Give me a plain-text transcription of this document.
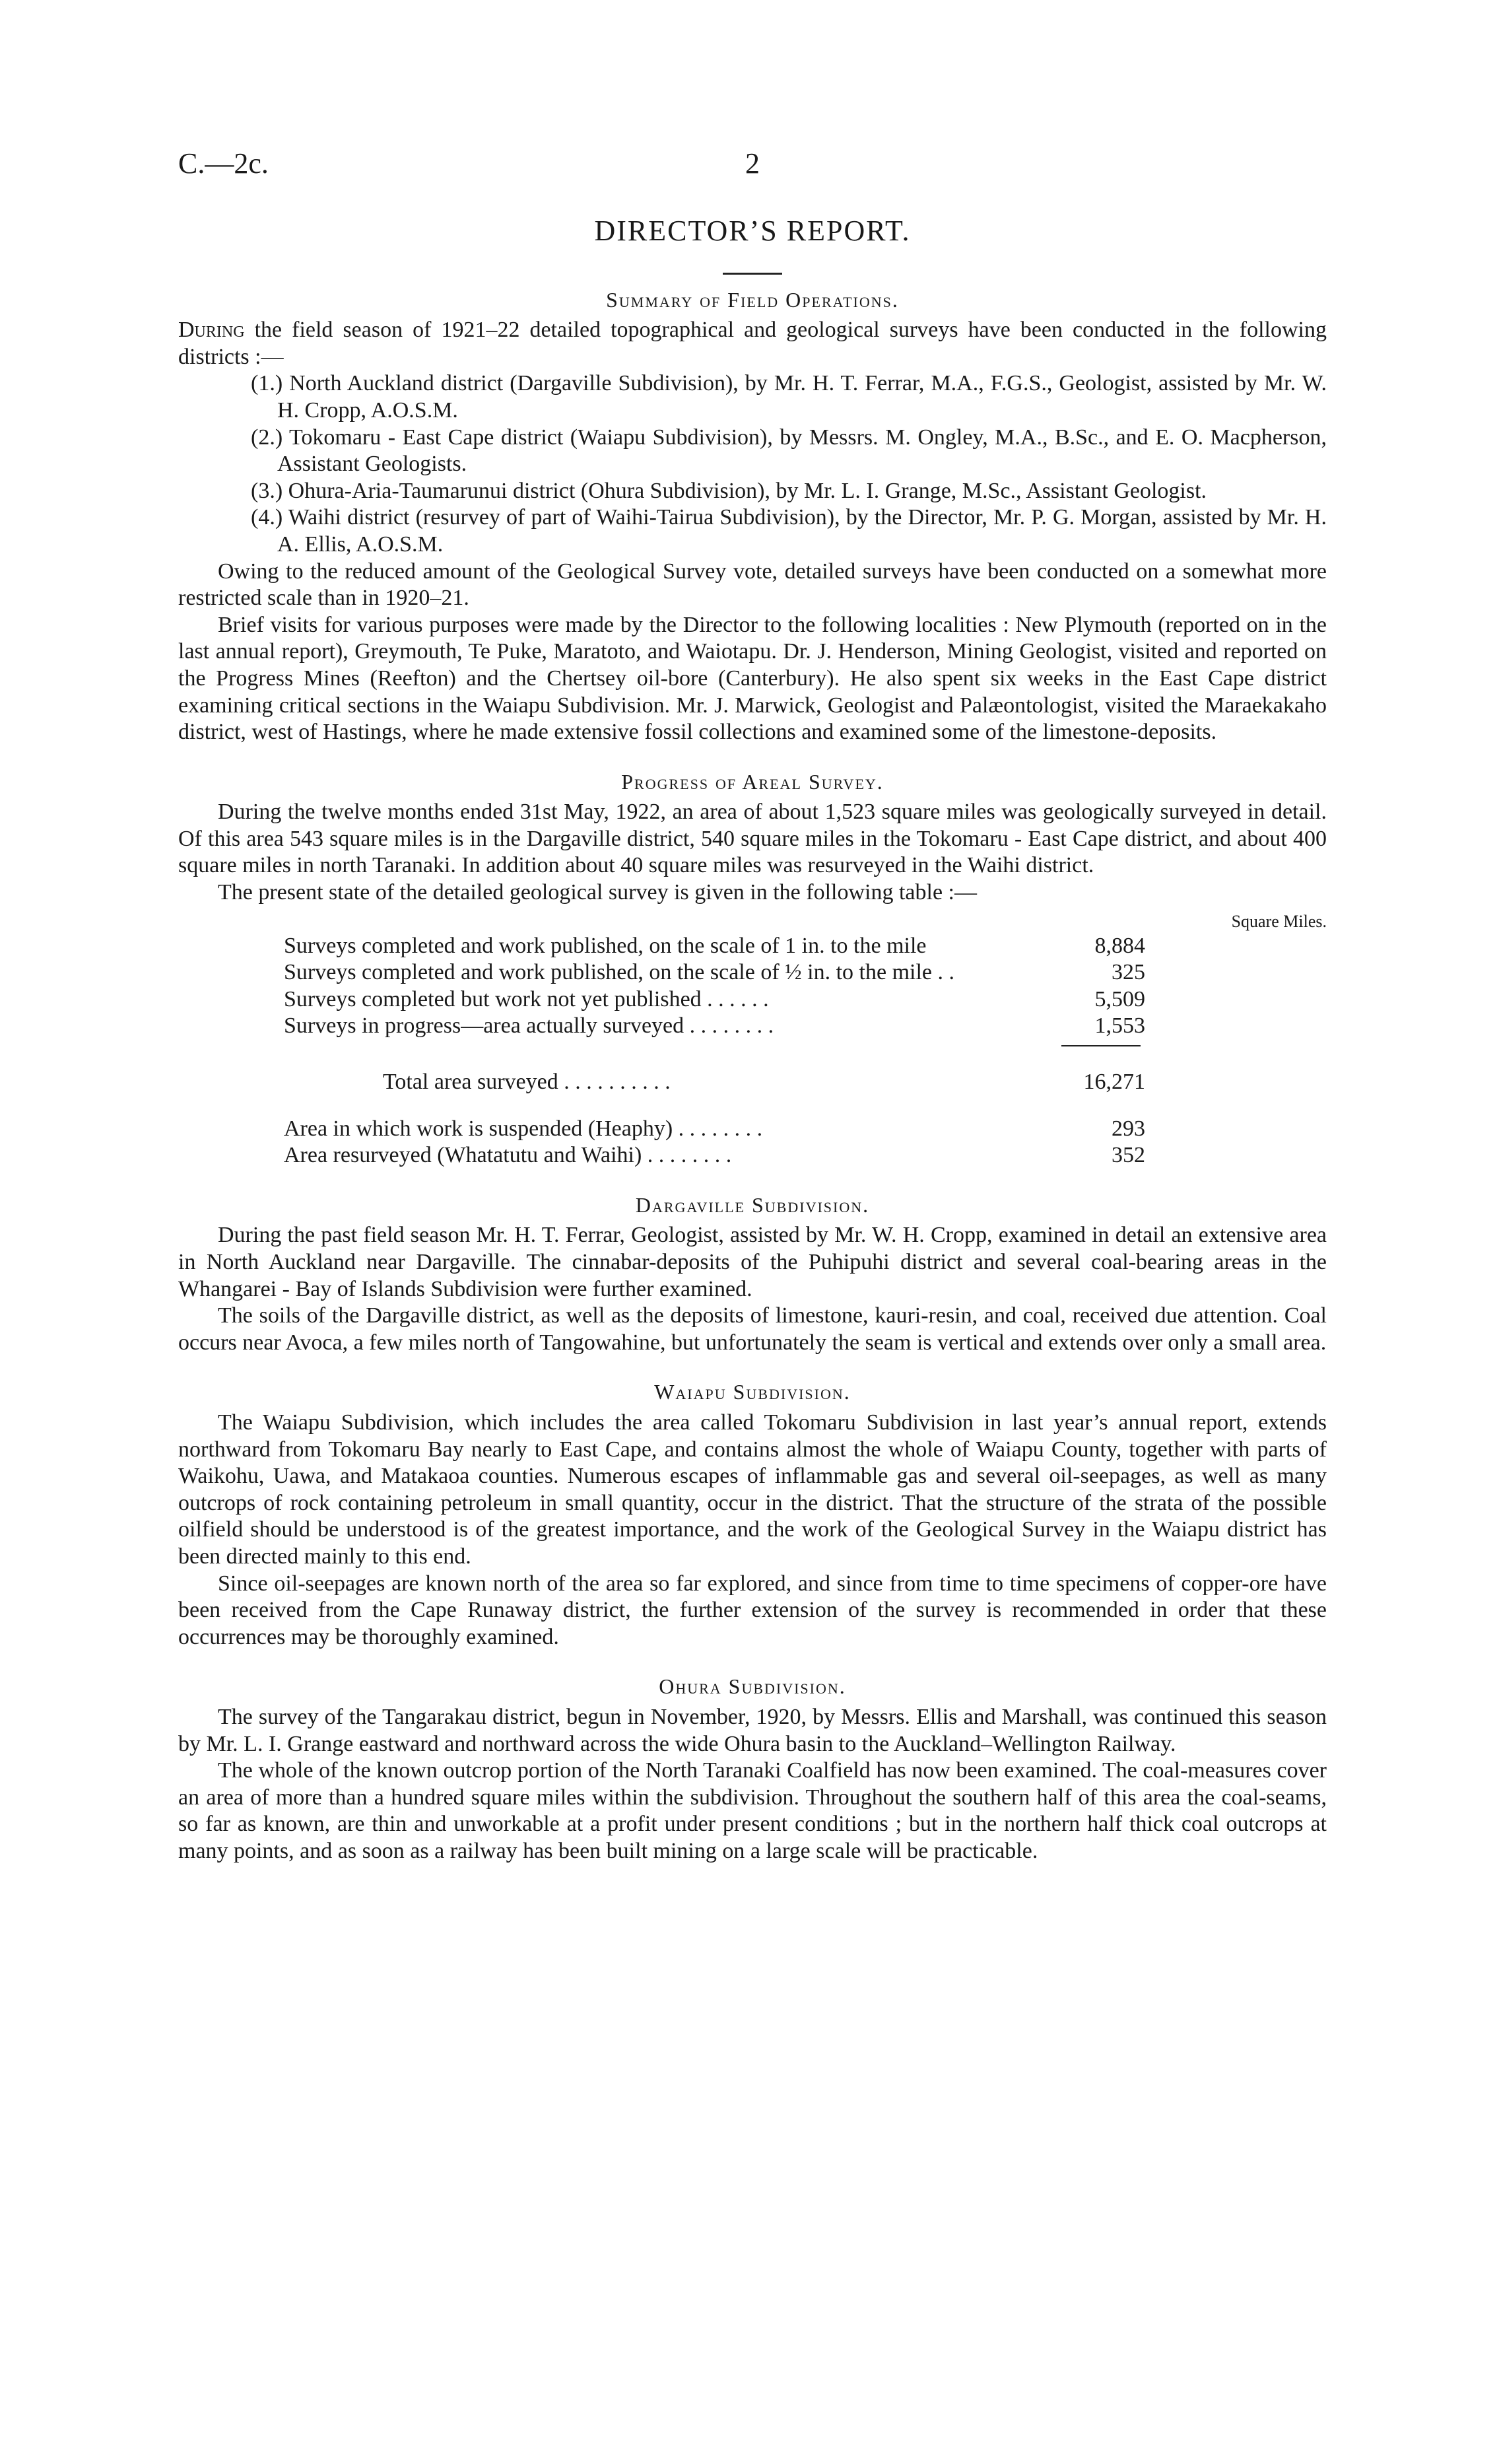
C.—2c.	2
DIRECTOR’S REPORT.
Summary of Field Operations.

During the field season of 1921–22 detailed topographical and geological surveys have been conducted in the following districts :—

(1.) North Auckland district (Dargaville Subdivision), by Mr. H. T. Ferrar, M.A., F.G.S., Geologist, assisted by Mr. W. H. Cropp, A.O.S.M.
(2.) Tokomaru - East Cape district (Waiapu Subdivision), by Messrs. M. Ongley, M.A., B.Sc., and E. O. Macpherson, Assistant Geologists.
(3.) Ohura-Aria-Taumarunui district (Ohura Subdivision), by Mr. L. I. Grange, M.Sc., Assistant Geologist.
(4.) Waihi district (resurvey of part of Waihi-Tairua Subdivision), by the Director, Mr. P. G. Morgan, assisted by Mr. H. A. Ellis, A.O.S.M.

Owing to the reduced amount of the Geological Survey vote, detailed surveys have been conducted on a somewhat more restricted scale than in 1920–21.

Brief visits for various purposes were made by the Director to the following localities : New Plymouth (reported on in the last annual report), Greymouth, Te Puke, Maratoto, and Waiotapu. Dr. J. Henderson, Mining Geologist, visited and reported on the Progress Mines (Reefton) and the Chertsey oil-bore (Canterbury). He also spent six weeks in the East Cape district examining critical sections in the Waiapu Subdivision. Mr. J. Marwick, Geologist and Palæontologist, visited the Maraekakaho district, west of Hastings, where he made extensive fossil collections and examined some of the limestone-deposits.

Progress of Areal Survey.

During the twelve months ended 31st May, 1922, an area of about 1,523 square miles was geologically surveyed in detail. Of this area 543 square miles is in the Dargaville district, 540 square miles in the Tokomaru - East Cape district, and about 400 square miles in north Taranaki. In addition about 40 square miles was resurveyed in the Waihi district.

The present state of the detailed geological survey is given in the following table :—

Square Miles.
Surveys completed and work published, on the scale of 1 in. to the mile	8,884
Surveys completed and work published, on the scale of ½ in. to the mile . .	325
Surveys completed but work not yet published . . . . . .	5,509
Surveys in progress—area actually surveyed . . . . . . . .	1,553
Total area surveyed . . . . . . . . . .	16,271
Area in which work is suspended (Heaphy) . . . . . . . .	293
Area resurveyed (Whatatutu and Waihi) . . . . . . . .	352
Dargaville Subdivision.

During the past field season Mr. H. T. Ferrar, Geologist, assisted by Mr. W. H. Cropp, examined in detail an extensive area in North Auckland near Dargaville. The cinnabar-deposits of the Puhipuhi district and several coal-bearing areas in the Whangarei - Bay of Islands Subdivision were further examined.

The soils of the Dargaville district, as well as the deposits of limestone, kauri-resin, and coal, received due attention. Coal occurs near Avoca, a few miles north of Tangowahine, but unfortunately the seam is vertical and extends over only a small area.

Waiapu Subdivision.

The Waiapu Subdivision, which includes the area called Tokomaru Subdivision in last year’s annual report, extends northward from Tokomaru Bay nearly to East Cape, and contains almost the whole of Waiapu County, together with parts of Waikohu, Uawa, and Matakaoa counties. Numerous escapes of inflammable gas and several oil-seepages, as well as many outcrops of rock containing petroleum in small quantity, occur in the district. That the structure of the strata of the possible oilfield should be understood is of the greatest importance, and the work of the Geological Survey in the Waiapu district has been directed mainly to this end.

Since oil-seepages are known north of the area so far explored, and since from time to time specimens of copper-ore have been received from the Cape Runaway district, the further extension of the survey is recommended in order that these occurrences may be thoroughly examined.

Ohura Subdivision.

The survey of the Tangarakau district, begun in November, 1920, by Messrs. Ellis and Marshall, was continued this season by Mr. L. I. Grange eastward and northward across the wide Ohura basin to the Auckland–Wellington Railway.

The whole of the known outcrop portion of the North Taranaki Coalfield has now been examined. The coal-measures cover an area of more than a hundred square miles within the subdivision. Throughout the southern half of this area the coal-seams, so far as known, are thin and unworkable at a profit under present conditions ; but in the northern half thick coal outcrops at many points, and as soon as a railway has been built mining on a large scale will be practicable.
